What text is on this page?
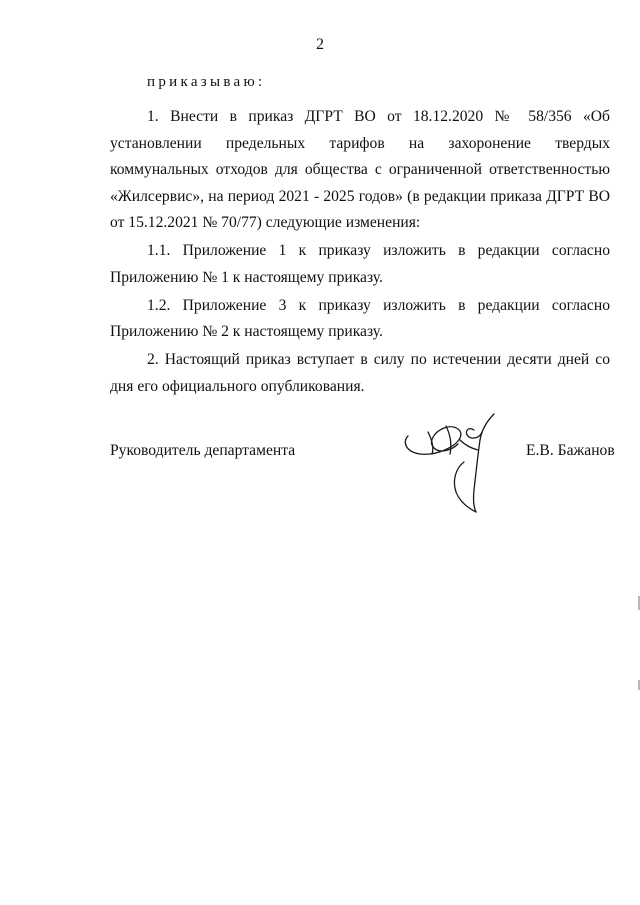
2
приказываю:

1. Внести в приказ ДГРТ ВО от 18.12.2020 № 58/356 «Об установлении предельных тарифов на захоронение твердых коммунальных отходов для общества с ограниченной ответственностью «Жилсервис», на период 2021 - 2025 годов» (в редакции приказа ДГРТ ВО от 15.12.2021 № 70/77) следующие изменения:

1.1. Приложение 1 к приказу изложить в редакции согласно Приложению № 1 к настоящему приказу.

1.2. Приложение 3 к приказу изложить в редакции согласно Приложению № 2 к настоящему приказу.

2. Настоящий приказ вступает в силу по истечении десяти дней со дня его официального опубликования.

Руководитель департамента	Е.В. Бажанов
